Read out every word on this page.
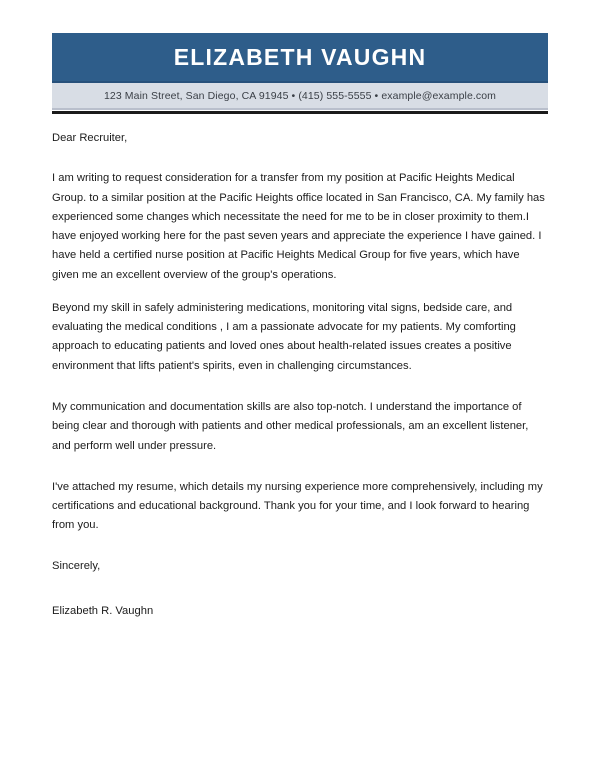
ELIZABETH VAUGHN
123 Main Street, San Diego, CA 91945 • (415) 555-5555 • example@example.com

Dear Recruiter,

I am writing to request consideration for a transfer from my position at Pacific Heights Medical Group. to a similar position at the Pacific Heights office located in San Francisco, CA. My family has experienced some changes which necessitate the need for me to be in closer proximity to them.I have enjoyed working here for the past seven years and appreciate the experience I have gained. I have held a certified nurse position at Pacific Heights Medical Group for five years, which have given me an excellent overview of the group's operations.

Beyond my skill in safely administering medications, monitoring vital signs, bedside care, and evaluating the medical conditions , I am a passionate advocate for my patients. My comforting approach to educating patients and loved ones about health-related issues creates a positive environment that lifts patient's spirits, even in challenging circumstances.

My communication and documentation skills are also top-notch. I understand the importance of being clear and thorough with patients and other medical professionals, am an excellent listener, and perform well under pressure.

I've attached my resume, which details my nursing experience more comprehensively, including my certifications and educational background. Thank you for your time, and I look forward to hearing from you.

Sincerely,

Elizabeth R. Vaughn
